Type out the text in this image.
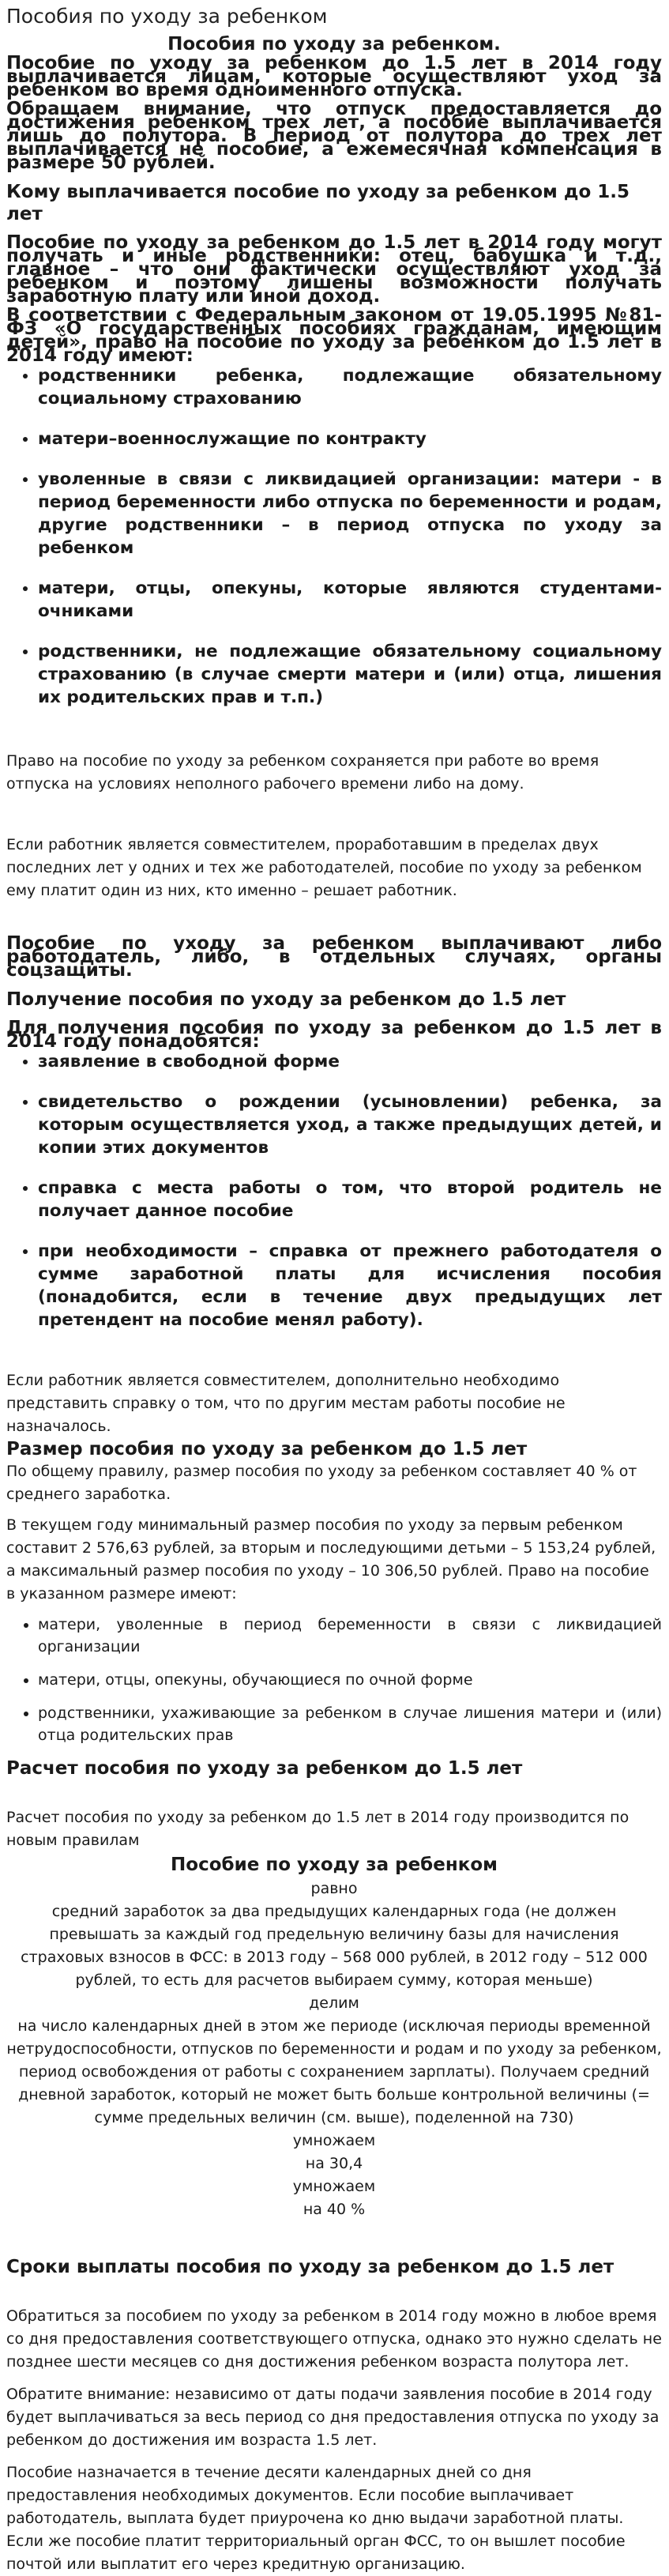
Пособия по уходу за ребенком
Пособия по уходу за ребенком.

Пособие по уходу за ребенком до 1.5 лет в 2014 году выплачивается лицам, которые осуществляют уход за ребенком во время одноименного отпуска.

Обращаем внимание, что отпуск предоставляется до достижения ребенком трех лет, а пособие выплачивается лишь до полутора. В период от полутора до трех лет выплачивается не пособие, а ежемесячная компенсация в размере 50 рублей.

Кому выплачивается пособие по уходу за ребенком до 1.5 лет

Пособие по уходу за ребенком до 1.5 лет в 2014 году могут получать и иные родственники: отец, бабушка и т.д., главное – что они фактически осуществляют уход за ребенком и поэтому лишены возможности получать заработную плату или иной доход.

В соответствии с Федеральным законом от 19.05.1995 №81-ФЗ «О государственных пособиях гражданам, имеющим детей», право на пособие по уходу за ребенком до 1.5 лет в 2014 году имеют:

• родственники ребенка, подлежащие обязательному социальному страхованию
• матери–военнослужащие по контракту
• уволенные в связи с ликвидацией организации: матери - в период беременности либо отпуска по беременности и родам, другие родственники – в период отпуска по уходу за ребенком
• матери, отцы, опекуны, которые являются студентами-очниками
• родственники, не подлежащие обязательному социальному страхованию (в случае смерти матери и (или) отца, лишения их родительских прав и т.п.)

Право на пособие по уходу за ребенком сохраняется при работе во время отпуска на условиях неполного рабочего времени либо на дому.

Если работник является совместителем, проработавшим в пределах двух последних лет у одних и тех же работодателей, пособие по уходу за ребенком ему платит один из них, кто именно – решает работник.

Пособие по уходу за ребенком выплачивают либо работодатель, либо, в отдельных случаях, органы соцзащиты.

Получение пособия по уходу за ребенком до 1.5 лет

Для получения пособия по уходу за ребенком до 1.5 лет в 2014 году понадобятся:

• заявление в свободной форме
• свидетельство о рождении (усыновлении) ребенка, за которым осуществляется уход, а также предыдущих детей, и копии этих документов
• справка с места работы о том, что второй родитель не получает данное пособие
• при необходимости – справка от прежнего работодателя о сумме заработной платы для исчисления пособия (понадобится, если в течение двух предыдущих лет претендент на пособие менял работу).

Если работник является совместителем, дополнительно необходимо представить справку о том, что по другим местам работы пособие не назначалось.

Размер пособия по уходу за ребенком до 1.5 лет

По общему правилу, размер пособия по уходу за ребенком составляет 40 % от среднего заработка.

В текущем году минимальный размер пособия по уходу за первым ребенком составит 2 576,63 рублей, за вторым и последующими детьми – 5 153,24 рублей, а максимальный размер пособия по уходу – 10 306,50 рублей. Право на пособие в указанном размере имеют:

• матери, уволенные в период беременности в связи с ликвидацией организации
• матери, отцы, опекуны, обучающиеся по очной форме
• родственники, ухаживающие за ребенком в случае лишения матери и (или) отца родительских прав
Расчет пособия по уходу за ребенком до 1.5 лет

Расчет пособия по уходу за ребенком до 1.5 лет в 2014 году производится по новым правилам

Пособие по уходу за ребенком

равно

средний заработок за два предыдущих календарных года (не должен превышать за каждый год предельную величину базы для начисления страховых взносов в ФСС: в 2013 году – 568 000 рублей, в 2012 году – 512 000 рублей, то есть для расчетов выбираем сумму, которая меньше)

делим

на число календарных дней в этом же периоде (исключая периоды временной нетрудоспособности, отпусков по беременности и родам и по уходу за ребенком, период освобождения от работы с сохранением зарплаты). Получаем средний дневной заработок, который не может быть больше контрольной величины (= сумме предельных величин (см. выше), поделенной на 730)

умножаем

на 30,4

умножаем

на 40 %

Сроки выплаты пособия по уходу за ребенком до 1.5 лет

Обратиться за пособием по уходу за ребенком в 2014 году можно в любое время со дня предоставления соответствующего отпуска, однако это нужно сделать не позднее шести месяцев со дня достижения ребенком возраста полутора лет.

Обратите внимание: независимо от даты подачи заявления пособие в 2014 году будет выплачиваться за весь период со дня предоставления отпуска по уходу за ребенком до достижения им возраста 1.5 лет.

Пособие назначается в течение десяти календарных дней со дня предоставления необходимых документов. Если пособие выплачивает работодатель, выплата будет приурочена ко дню выдачи заработной платы. Если же пособие платит территориальный орган ФСС, то он вышлет пособие почтой или выплатит его через кредитную организацию.
